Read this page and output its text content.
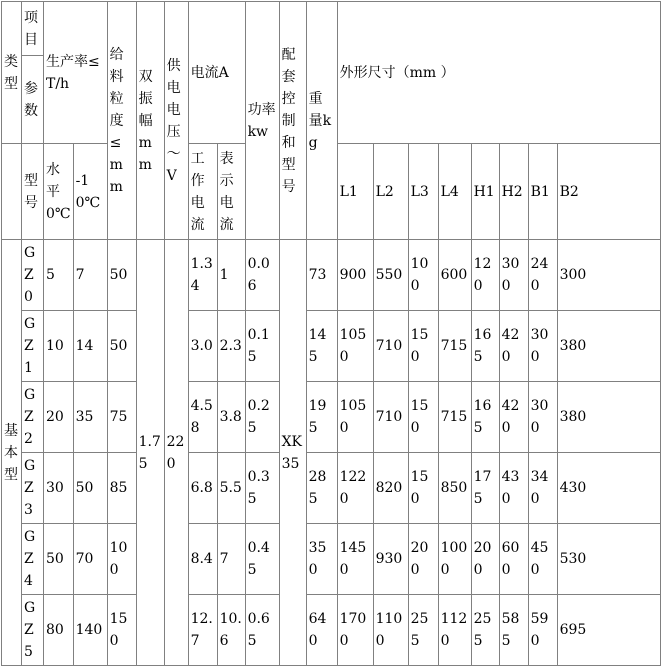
类型	项目	生产率≤T/h		给料粒度≤mm	双振幅mm	供电 电压～V	电流A		功率kw	配套控制和型号	重量kg	外形尺寸（mm ）							
	参数																		
	型号	水平0℃	-10℃				工作电流	表示电流				L1	L2	L3	L4	H1	H2	B1	B2
基本型	GZ0	5	7	50	1.75	220	1.34	1	0.06	XK35	73	900	550	100	600	120	300	240	300
	GZ1	10	14	50			3.0	2.3	0.15		145	1050	710	150	715	165	420	300	380
	GZ2	20	35	75			4.58	3.8	0.25		195	1050	710	150	715	165	420	300	380
	GZ3	30	50	85			6.8	5.5	0.35		285	1220	820	150	850	175	430	340	430
	GZ4	50	70	100			8.4	7	0.45		350	1450	930	200	1000	200	600	450	530
	GZ5	80	140	150			12.7	10.6	0.65		640	1700	1100	255	1120	255	585	590	695
